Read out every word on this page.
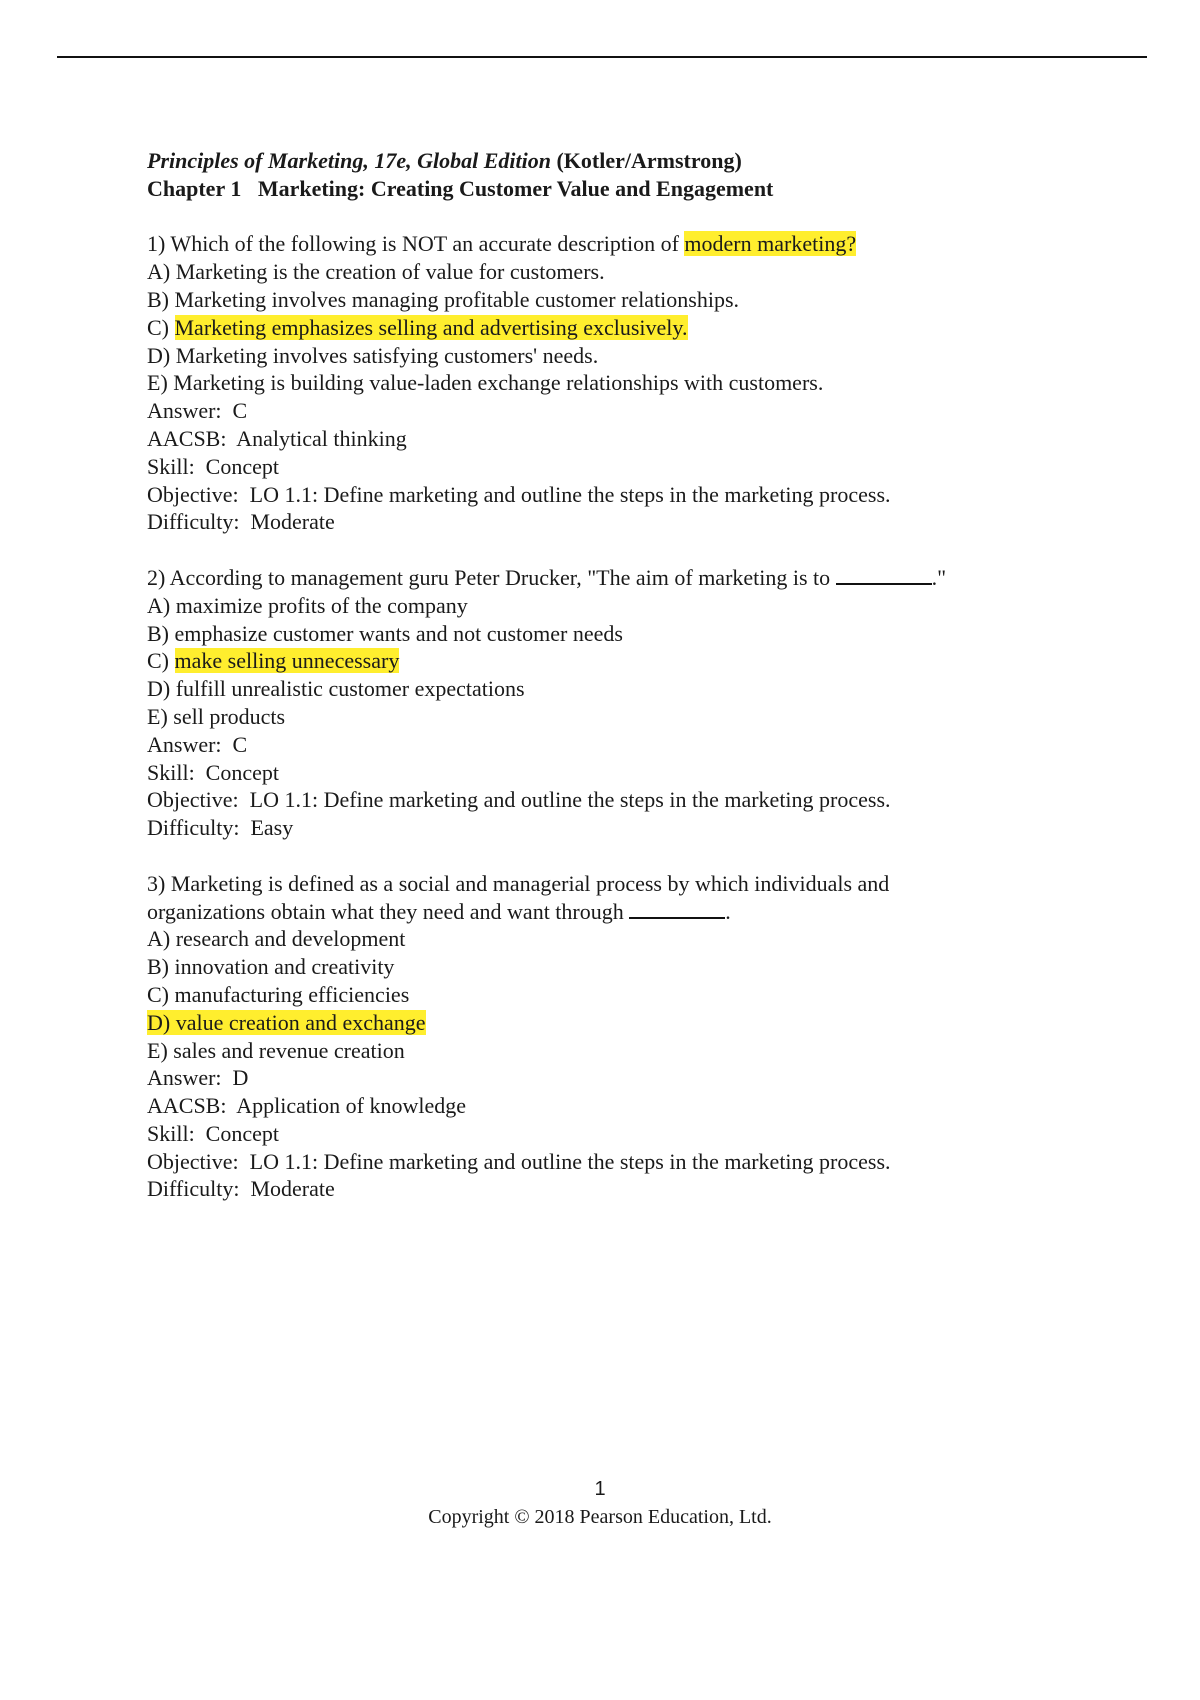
Principles of Marketing, 17e, Global Edition (Kotler/Armstrong)

Chapter 1   Marketing: Creating Customer Value and Engagement

1) Which of the following is NOT an accurate description of modern marketing?

A) Marketing is the creation of value for customers.

B) Marketing involves managing profitable customer relationships.

C) Marketing emphasizes selling and advertising exclusively.

D) Marketing involves satisfying customers' needs.

E) Marketing is building value-laden exchange relationships with customers.

Answer:  C

AACSB:  Analytical thinking

Skill:  Concept

Objective:  LO 1.1: Define marketing and outline the steps in the marketing process.

Difficulty:  Moderate

2) According to management guru Peter Drucker, "The aim of marketing is to	."

A) maximize profits of the company

B) emphasize customer wants and not customer needs

C) make selling unnecessary

D) fulfill unrealistic customer expectations

E) sell products

Answer:  C

Skill:  Concept

Objective:  LO 1.1: Define marketing and outline the steps in the marketing process.

Difficulty:  Easy

3) Marketing is defined as a social and managerial process by which individuals and

organizations obtain what they need and want through	.

A) research and development

B) innovation and creativity

C) manufacturing efficiencies

D) value creation and exchange

E) sales and revenue creation

Answer:  D

AACSB:  Application of knowledge

Skill:  Concept

Objective:  LO 1.1: Define marketing and outline the steps in the marketing process.

Difficulty:  Moderate

1
Copyright © 2018 Pearson Education, Ltd.
